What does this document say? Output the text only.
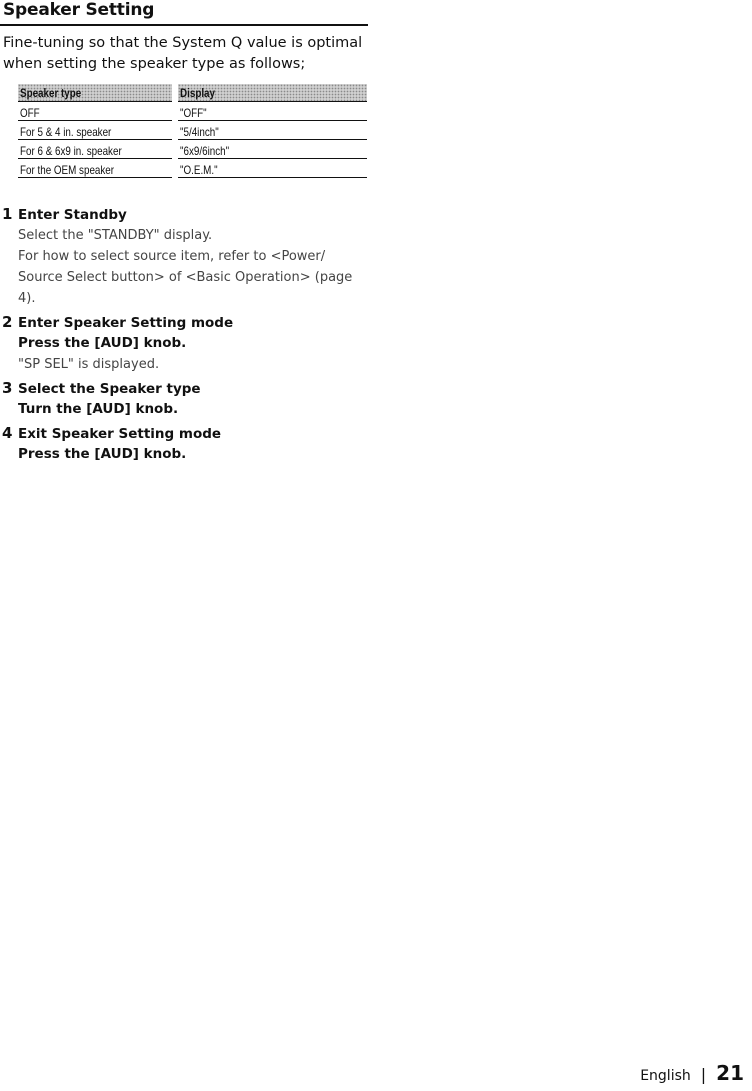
Speaker Setting
Fine-tuning so that the System Q value is optimal when setting the speaker type as follows;
Speaker type		Display
OFF		"OFF"
For 5 & 4 in. speaker		"5/4inch"
For 6 & 6x9 in. speaker		"6x9/6inch"
For the OEM speaker		"O.E.M."
1 Enter Standby
Select the "STANDBY" display.
For how to select source item, refer to <Power/ Source Select button> of <Basic Operation> (page 4).
2 Enter Speaker Setting mode
Press the [AUD] knob.
"SP SEL" is displayed.
3 Select the Speaker type
Turn the [AUD] knob.
4 Exit Speaker Setting mode
Press the [AUD] knob.
English | 21
